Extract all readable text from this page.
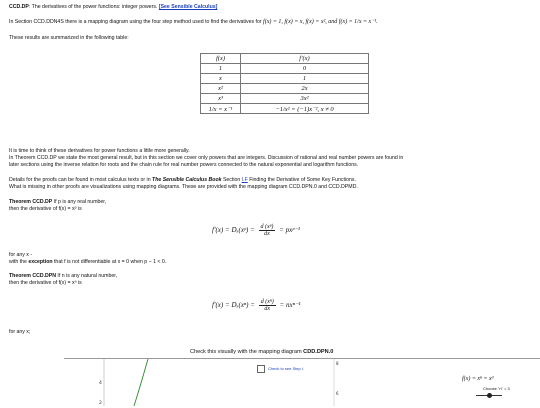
CCD.DP: The derivatives of the power functions: integer powers. [See Sensible Calculus]
In Section CCD.DDN4S there is a mapping diagram using the four step method used to find the derivatives for f(x) = 1, f(x) = x, f(x) = x², and f(x) = 1/x = x⁻¹.
These results are summarized in the following table:
f(x)	f′(x)
1	0
x	1
x²	2x
x³	3x²
1/x = x⁻¹	−1/x² = (−1)x⁻², x ≠ 0
It is time to think of these derivatives for power functions a little more generally.
In Theorem CCD.DP we state the most general result, but in this section we cover only powers that are integers. Discussion of rational and real number powers are found in
later sections using the inverse relation for roots and the chain rule for real number powers connected to the natural exponential and logarithm functions.
Details for the proofs can be found in most calculus texts or in The Sensible Calculus Book Section I.F Finding the Derivative of Some Key Functions.
What is missing in other proofs are visualizations using mapping diagrams. These are provided with the mapping diagram CCD.DPN.0 and CCD.DPMD.
Theorem CCD.DP If p is any real number,
then the derivative of f(x) = xᵖ is
f′(x) = Dₓ(xᵖ) = $\frac{\text{d (xᵖ)}}{dx}$ = pxᵖ⁻¹
for any x -
with the exception that f is not differentiable at x = 0 when p − 1 < 0.
Theorem CCD.DPN If n is any natural number,
then the derivative of f(x) = xⁿ is
$f'(x) = D_x(x^n) = \frac{\text{d (xⁿ)}}{dx} = nx^{n-1}$
for any x;
Check this visually with the mapping diagram CDD.DPN.0
4
2
Check to see Step I.
8
6
f(x) = xⁿ = x³
Choose "n" = 3
